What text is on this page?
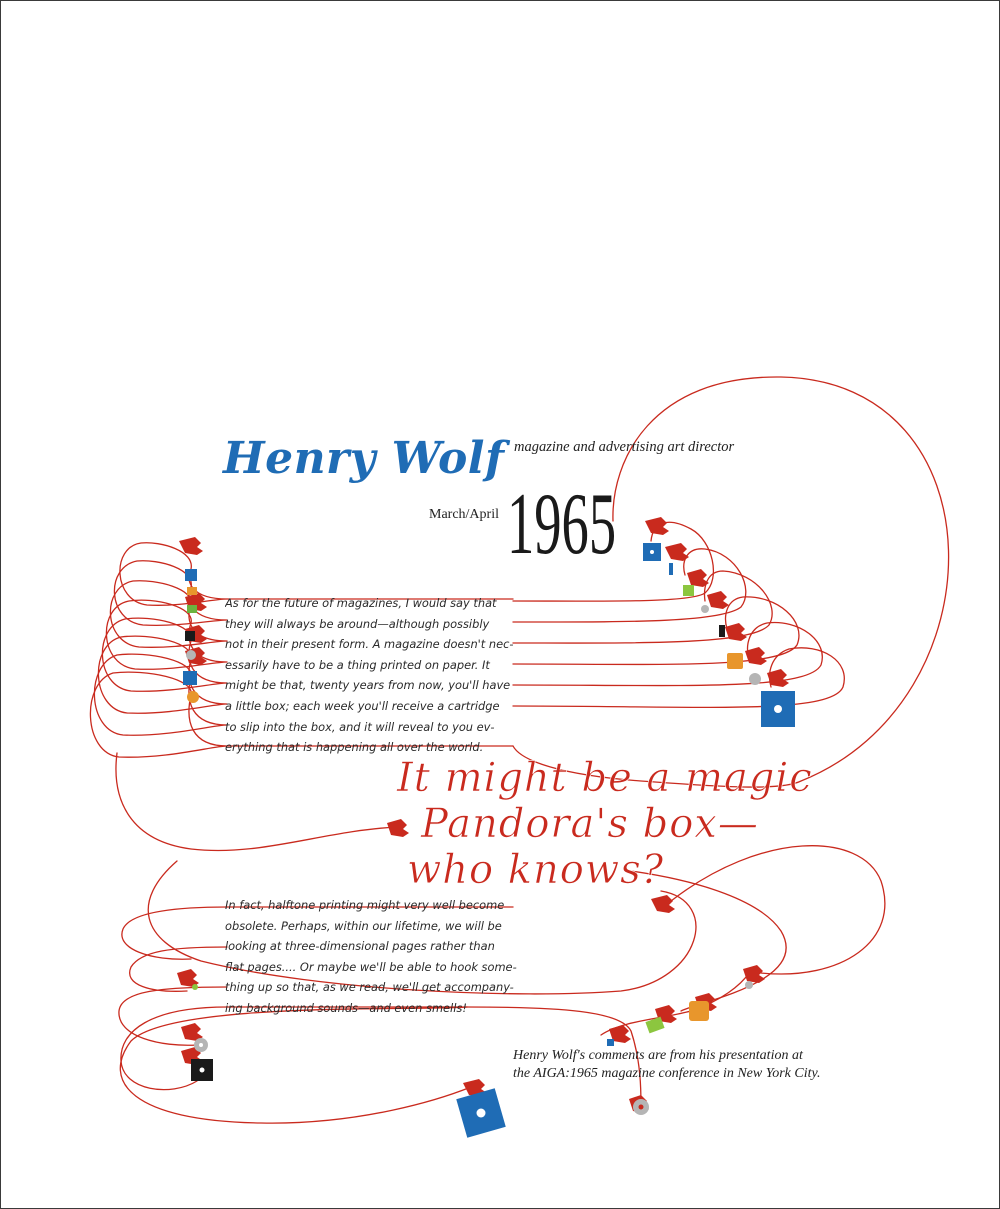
Henry Wolf magazine and advertising art director
March/April 1965
As for the future of magazines, I would say that
they will always be around—although possibly
not in their present form. A magazine doesn't nec-
essarily have to be a thing printed on paper. It
might be that, twenty years from now, you'll have
a little box; each week you'll receive a cartridge
to slip into the box, and it will reveal to you ev-
erything that is happening all over the world.
It might be a magic
Pandora's box—
who knows?
In fact, halftone printing might very well become
obsolete. Perhaps, within our lifetime, we will be
looking at three-dimensional pages rather than
flat pages.... Or maybe we'll be able to hook some-
thing up so that, as we read, we'll get accompany-
ing background sounds—and even smells!
Henry Wolf's comments are from his presentation at
the AIGA:1965 magazine conference in New York City.
